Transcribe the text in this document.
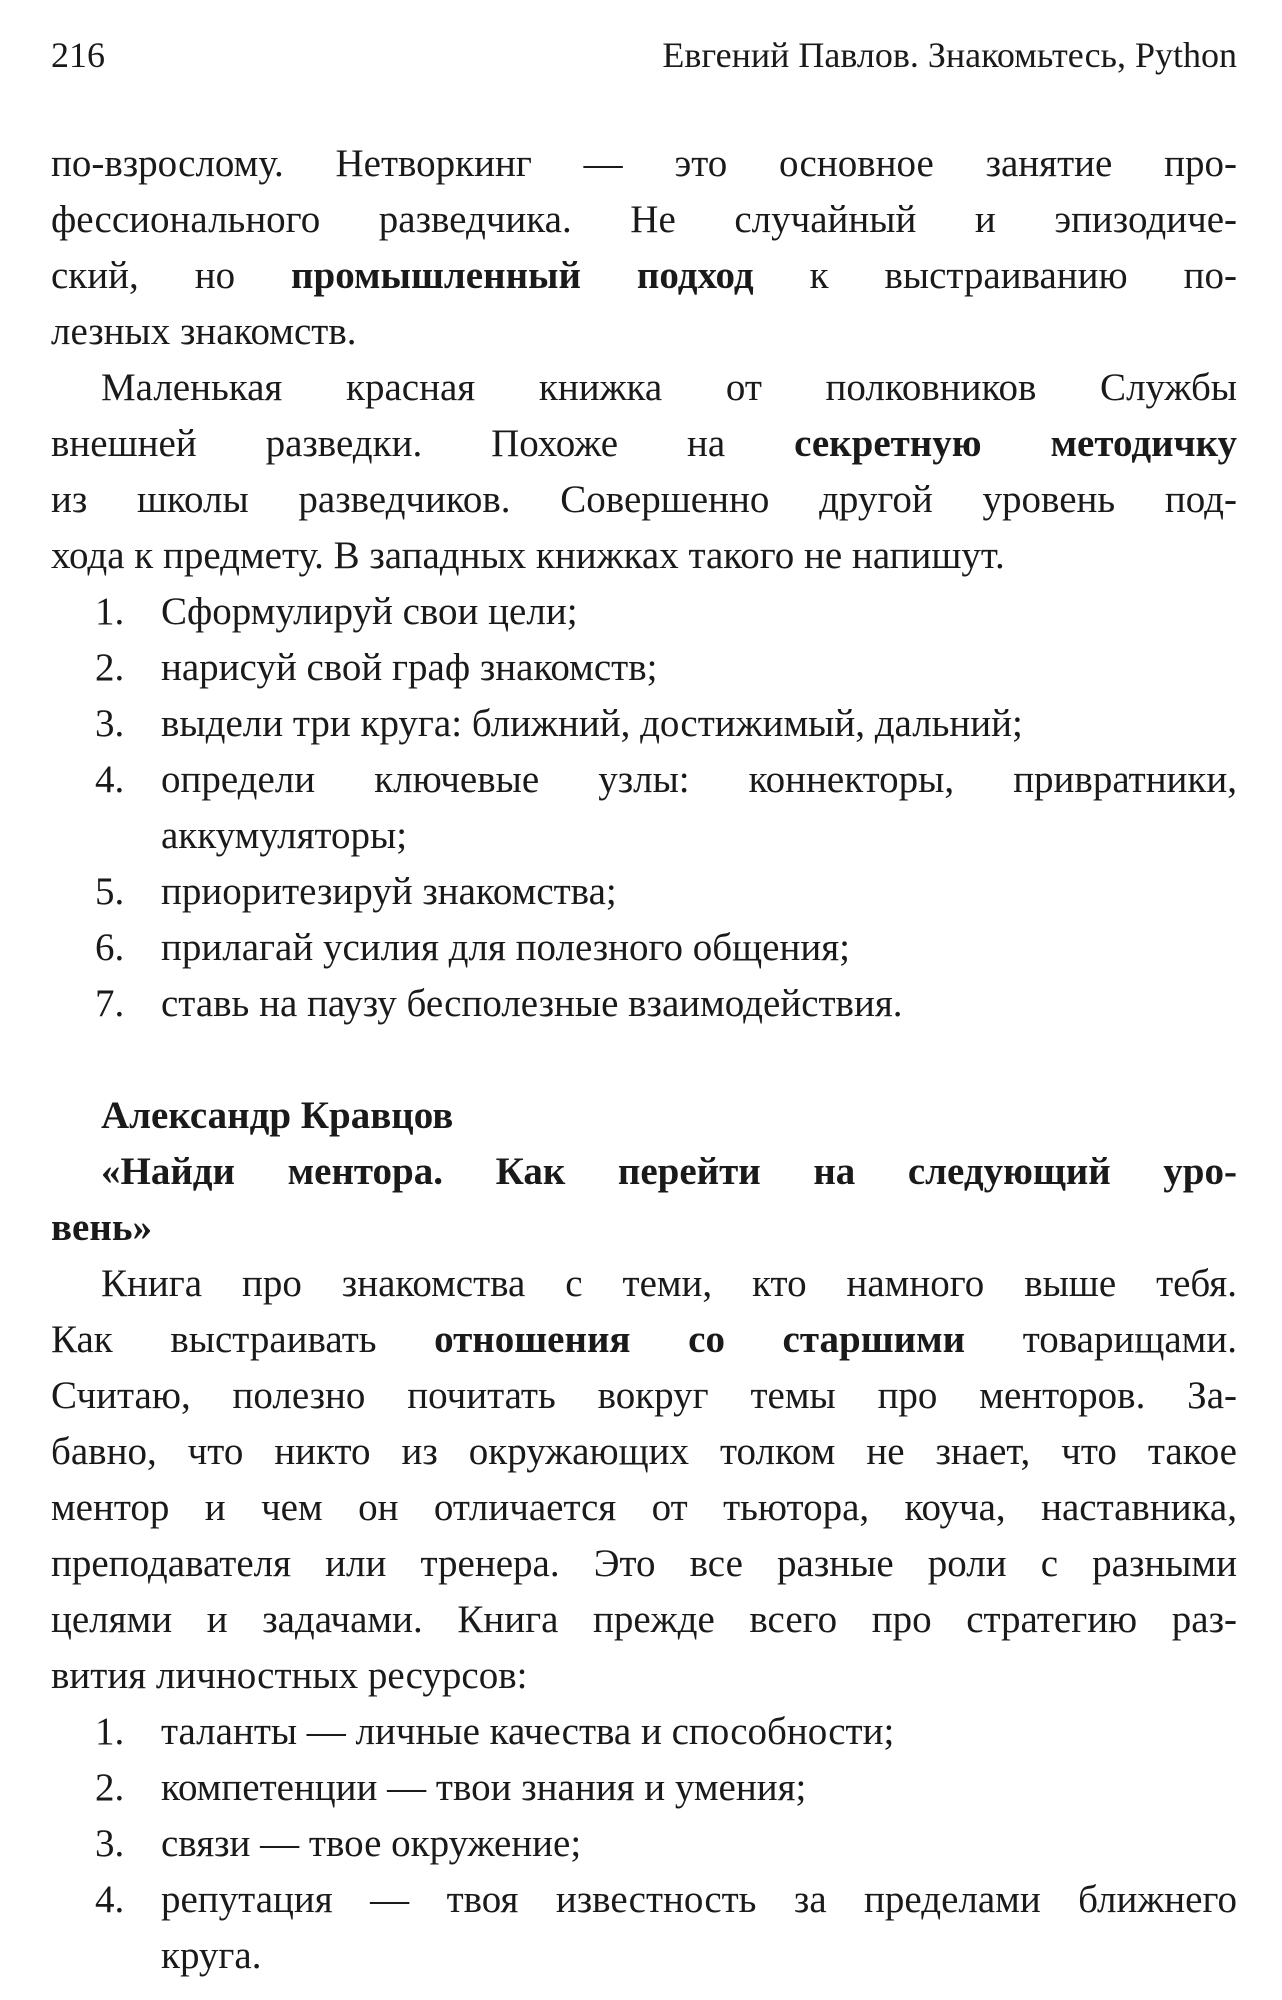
216	Евгений Павлов. Знакомьтесь, Python
по-взрослому. Нетворкинг — это основное занятие про-
фессионального разведчика. Не случайный и эпизодиче-
ский, но промышленный подход к выстраиванию по-
лезных знакомств.
Маленькая красная книжка от полковников Службы
внешней разведки. Похоже на секретную методичку
из школы разведчиков. Совершенно другой уровень под-
хода к предмету. В западных книжках такого не напишут.
1. Сформулируй свои цели;
2. нарисуй свой граф знакомств;
3. выдели три круга: ближний, достижимый, дальний;
4. определи ключевые узлы: коннекторы, привратники,
аккумуляторы;
5. приоритезируй знакомства;
6. прилагай усилия для полезного общения;
7. ставь на паузу бесполезные взаимодействия.
Александр Кравцов
«Найди ментора. Как перейти на следующий уро-
вень»
Книга про знакомства с теми, кто намного выше тебя.
Как выстраивать отношения со старшими товарищами.
Считаю, полезно почитать вокруг темы про менторов. За-
бавно, что никто из окружающих толком не знает, что такое
ментор и чем он отличается от тьютора, коуча, наставника,
преподавателя или тренера. Это все разные роли с разными
целями и задачами. Книга прежде всего про стратегию раз-
вития личностных ресурсов:
1. таланты — личные качества и способности;
2. компетенции — твои знания и умения;
3. связи — твое окружение;
4. репутация — твоя известность за пределами ближнего
круга.
